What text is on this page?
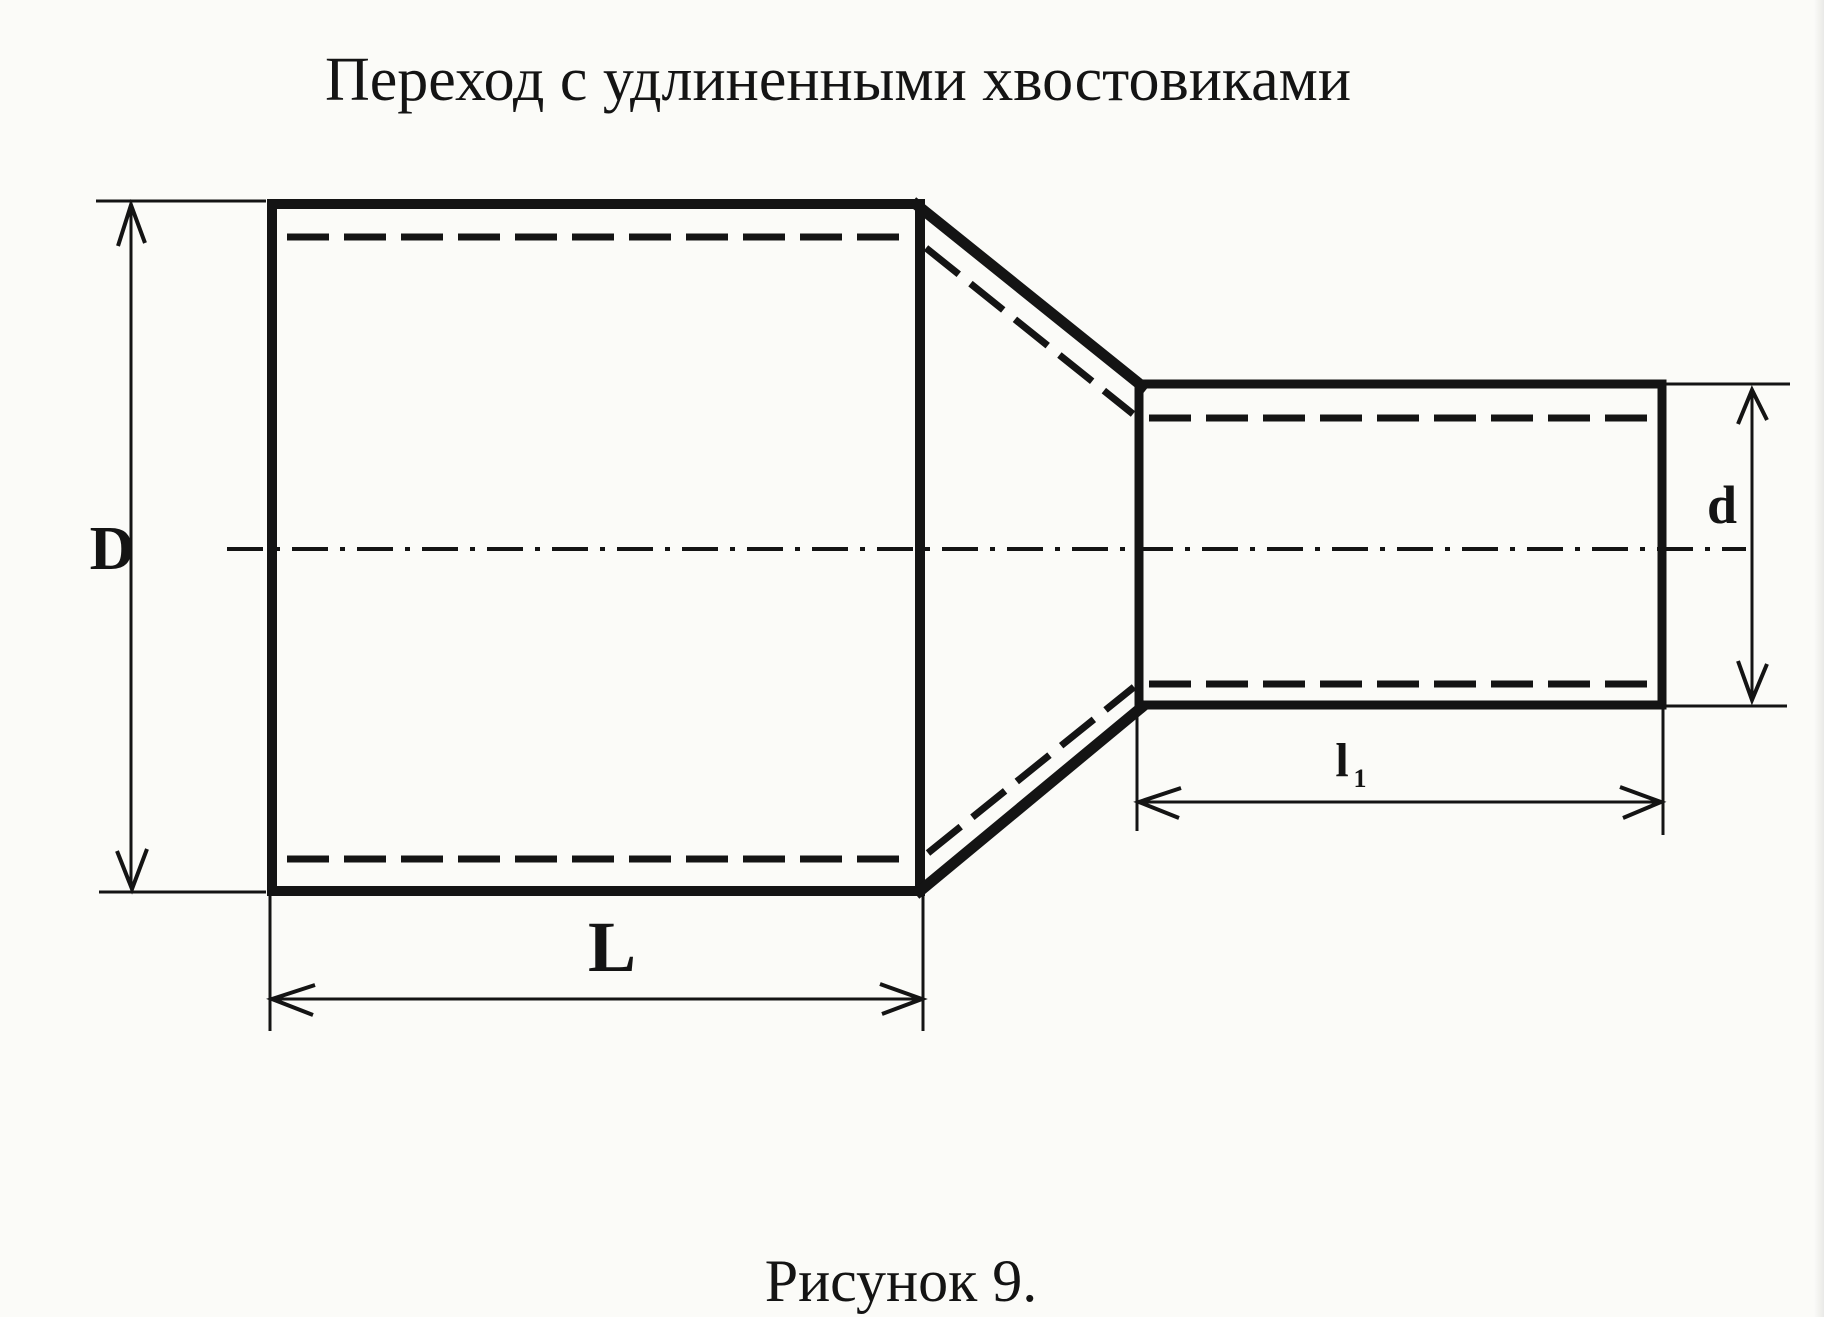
Переход с удлиненными хвостовиками
Рисунок 9.
D
d
L
l 1
